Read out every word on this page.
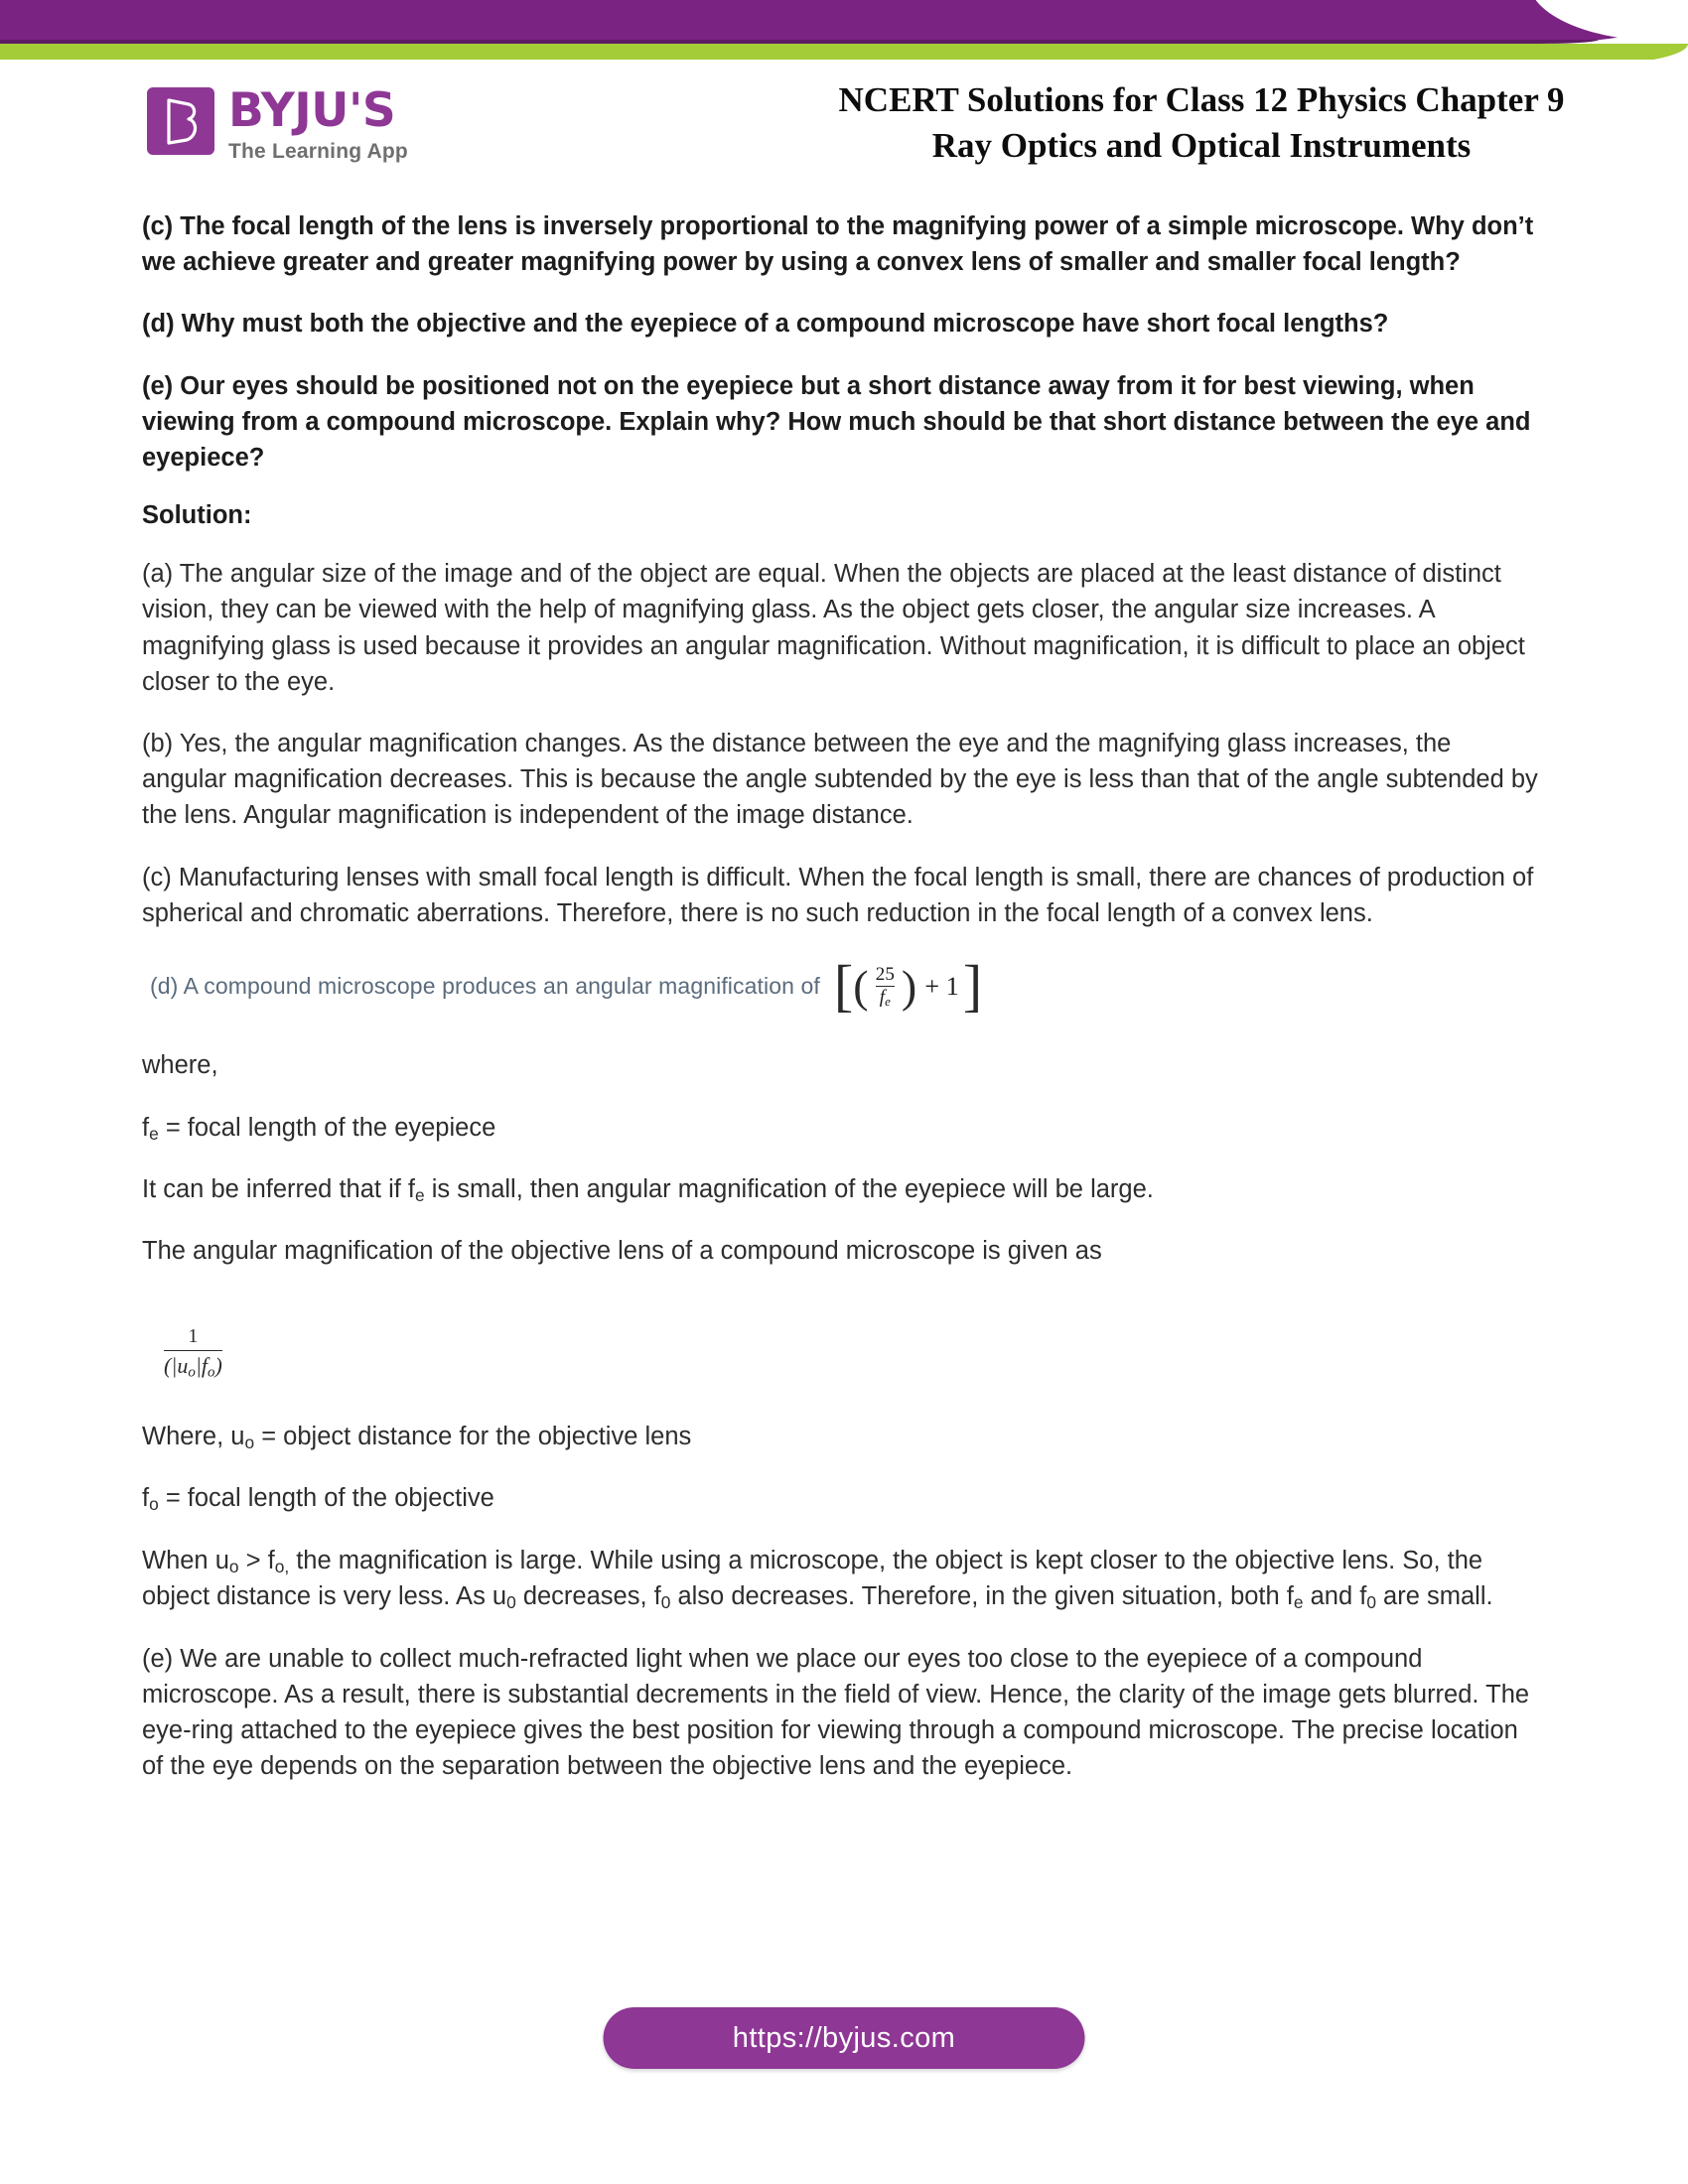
BYJU'S
The Learning App
NCERT Solutions for Class 12 Physics Chapter 9
Ray Optics and Optical Instruments

(c) The focal length of the lens is inversely proportional to the magnifying power of a simple microscope. Why don’t we achieve greater and greater magnifying power by using a convex lens of smaller and smaller focal length?

(d) Why must both the objective and the eyepiece of a compound microscope have short focal lengths?

(e) Our eyes should be positioned not on the eyepiece but a short distance away from it for best viewing, when viewing from a compound microscope. Explain why? How much should be that short distance between the eye and eyepiece?

Solution:

(a) The angular size of the image and of the object are equal. When the objects are placed at the least distance of distinct vision, they can be viewed with the help of magnifying glass. As the object gets closer, the angular size increases. A magnifying glass is used because it provides an angular magnification. Without magnification, it is difficult to place an object closer to the eye.

(b) Yes, the angular magnification changes. As the distance between the eye and the magnifying glass increases, the angular magnification decreases. This is because the angle subtended by the eye is less than that of the angle subtended by the lens. Angular magnification is independent of the image distance.

(c) Manufacturing lenses with small focal length is difficult. When the focal length is small, there are chances of production of spherical and chromatic aberrations. Therefore, there is no such reduction in the focal length of a convex lens.

(d) A compound microscope produces an angular magnification of [ ( $\frac{25}{f_e}$ ) + 1 ]

where,

$f_e$ = focal length of the eyepiece

It can be inferred that if $f_e$ is small, then angular magnification of the eyepiece will be large.

The angular magnification of the objective lens of a compound microscope is given as

$\frac{1}{(|u_o|f_o)}$

Where, $u_o$ = object distance for the objective lens

$f_o$ = focal length of the objective

When $u_o > f_{o,}$ the magnification is large. While using a microscope, the object is kept closer to the objective lens. So, the object distance is very less. As $u_0$ decreases, $f_0$ also decreases. Therefore, in the given situation, both $f_e$ and $f_0$ are small.

(e) We are unable to collect much-refracted light when we place our eyes too close to the eyepiece of a compound microscope. As a result, there is substantial decrements in the field of view. Hence, the clarity of the image gets blurred. The eye-ring attached to the eyepiece gives the best position for viewing through a compound microscope. The precise location of the eye depends on the separation between the objective lens and the eyepiece.

https://byjus.com
